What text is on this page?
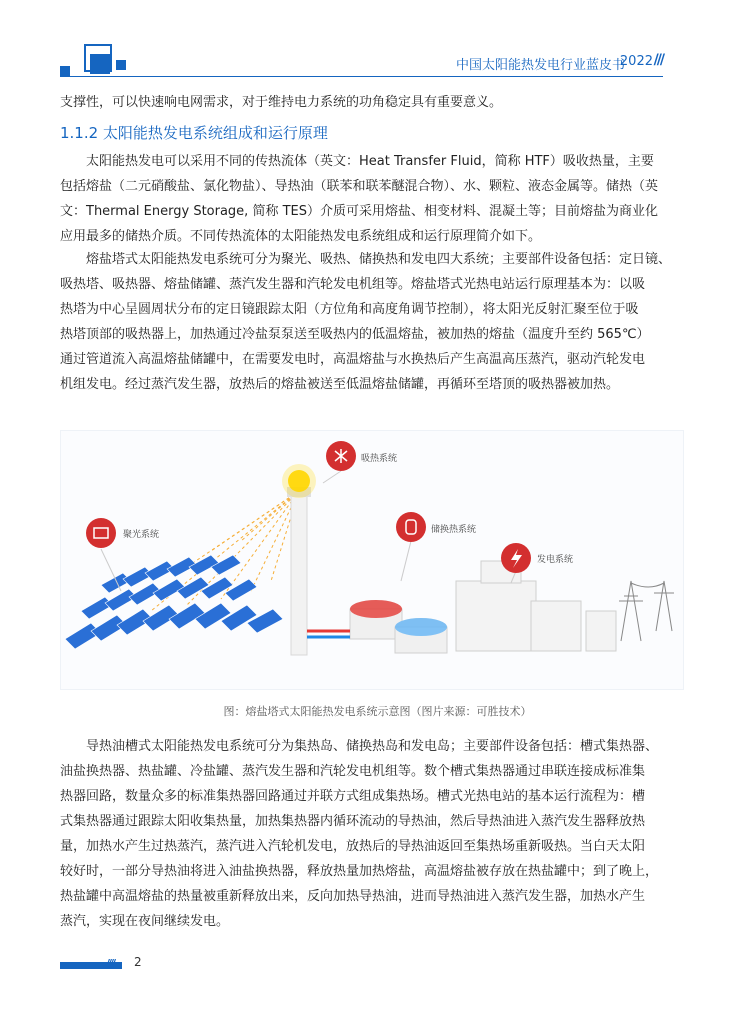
中国太阳能热发电行业蓝皮书
2022 ///
支撑性，可以快速响电网需求，对于维持电力系统的功角稳定具有重要意义。
1.1.2 太阳能热发电系统组成和运行原理
太阳能热发电可以采用不同的传热流体（英文：Heat Transfer Fluid，简称 HTF）吸收热量，主要
包括熔盐（二元硝酸盐、氯化物盐）、导热油（联苯和联苯醚混合物）、水、颗粒、液态金属等。储热（英
文：Thermal Energy Storage, 简称 TES）介质可采用熔盐、相变材料、混凝土等；目前熔盐为商业化
应用最多的储热介质。不同传热流体的太阳能热发电系统组成和运行原理简介如下。
熔盐塔式太阳能热发电系统可分为聚光、吸热、储换热和发电四大系统；主要部件设备包括：定日镜、
吸热塔、吸热器、熔盐储罐、蒸汽发生器和汽轮发电机组等。熔盐塔式光热电站运行原理基本为：以吸
热塔为中心呈圆周状分布的定日镜跟踪太阳（方位角和高度角调节控制），将太阳光反射汇聚至位于吸
热塔顶部的吸热器上，加热通过冷盐泵泵送至吸热内的低温熔盐，被加热的熔盐（温度升至约 565℃）
通过管道流入高温熔盐储罐中，在需要发电时，高温熔盐与水换热后产生高温高压蒸汽，驱动汽轮发电
机组发电。经过蒸汽发生器，放热后的熔盐被送至低温熔盐储罐，再循环至塔顶的吸热器被加热。
聚光系统
吸热系统
储换热系统
发电系统
图：熔盐塔式太阳能热发电系统示意图（图片来源：可胜技术）
导热油槽式太阳能热发电系统可分为集热岛、储换热岛和发电岛；主要部件设备包括：槽式集热器、
油盐换热器、热盐罐、冷盐罐、蒸汽发生器和汽轮发电机组等。数个槽式集热器通过串联连接成标准集
热器回路，数量众多的标准集热器回路通过并联方式组成集热场。槽式光热电站的基本运行流程为：槽
式集热器通过跟踪太阳收集热量，加热集热器内循环流动的导热油，然后导热油进入蒸汽发生器释放热
量，加热水产生过热蒸汽，蒸汽进入汽轮机发电，放热后的导热油返回至集热场重新吸热。当白天太阳
较好时，一部分导热油将进入油盐换热器，释放热量加热熔盐，高温熔盐被存放在热盐罐中；到了晚上，
热盐罐中高温熔盐的热量被重新释放出来，反向加热导热油，进而导热油进入蒸汽发生器，加热水产生
蒸汽，实现在夜间继续发电。
//// 2
